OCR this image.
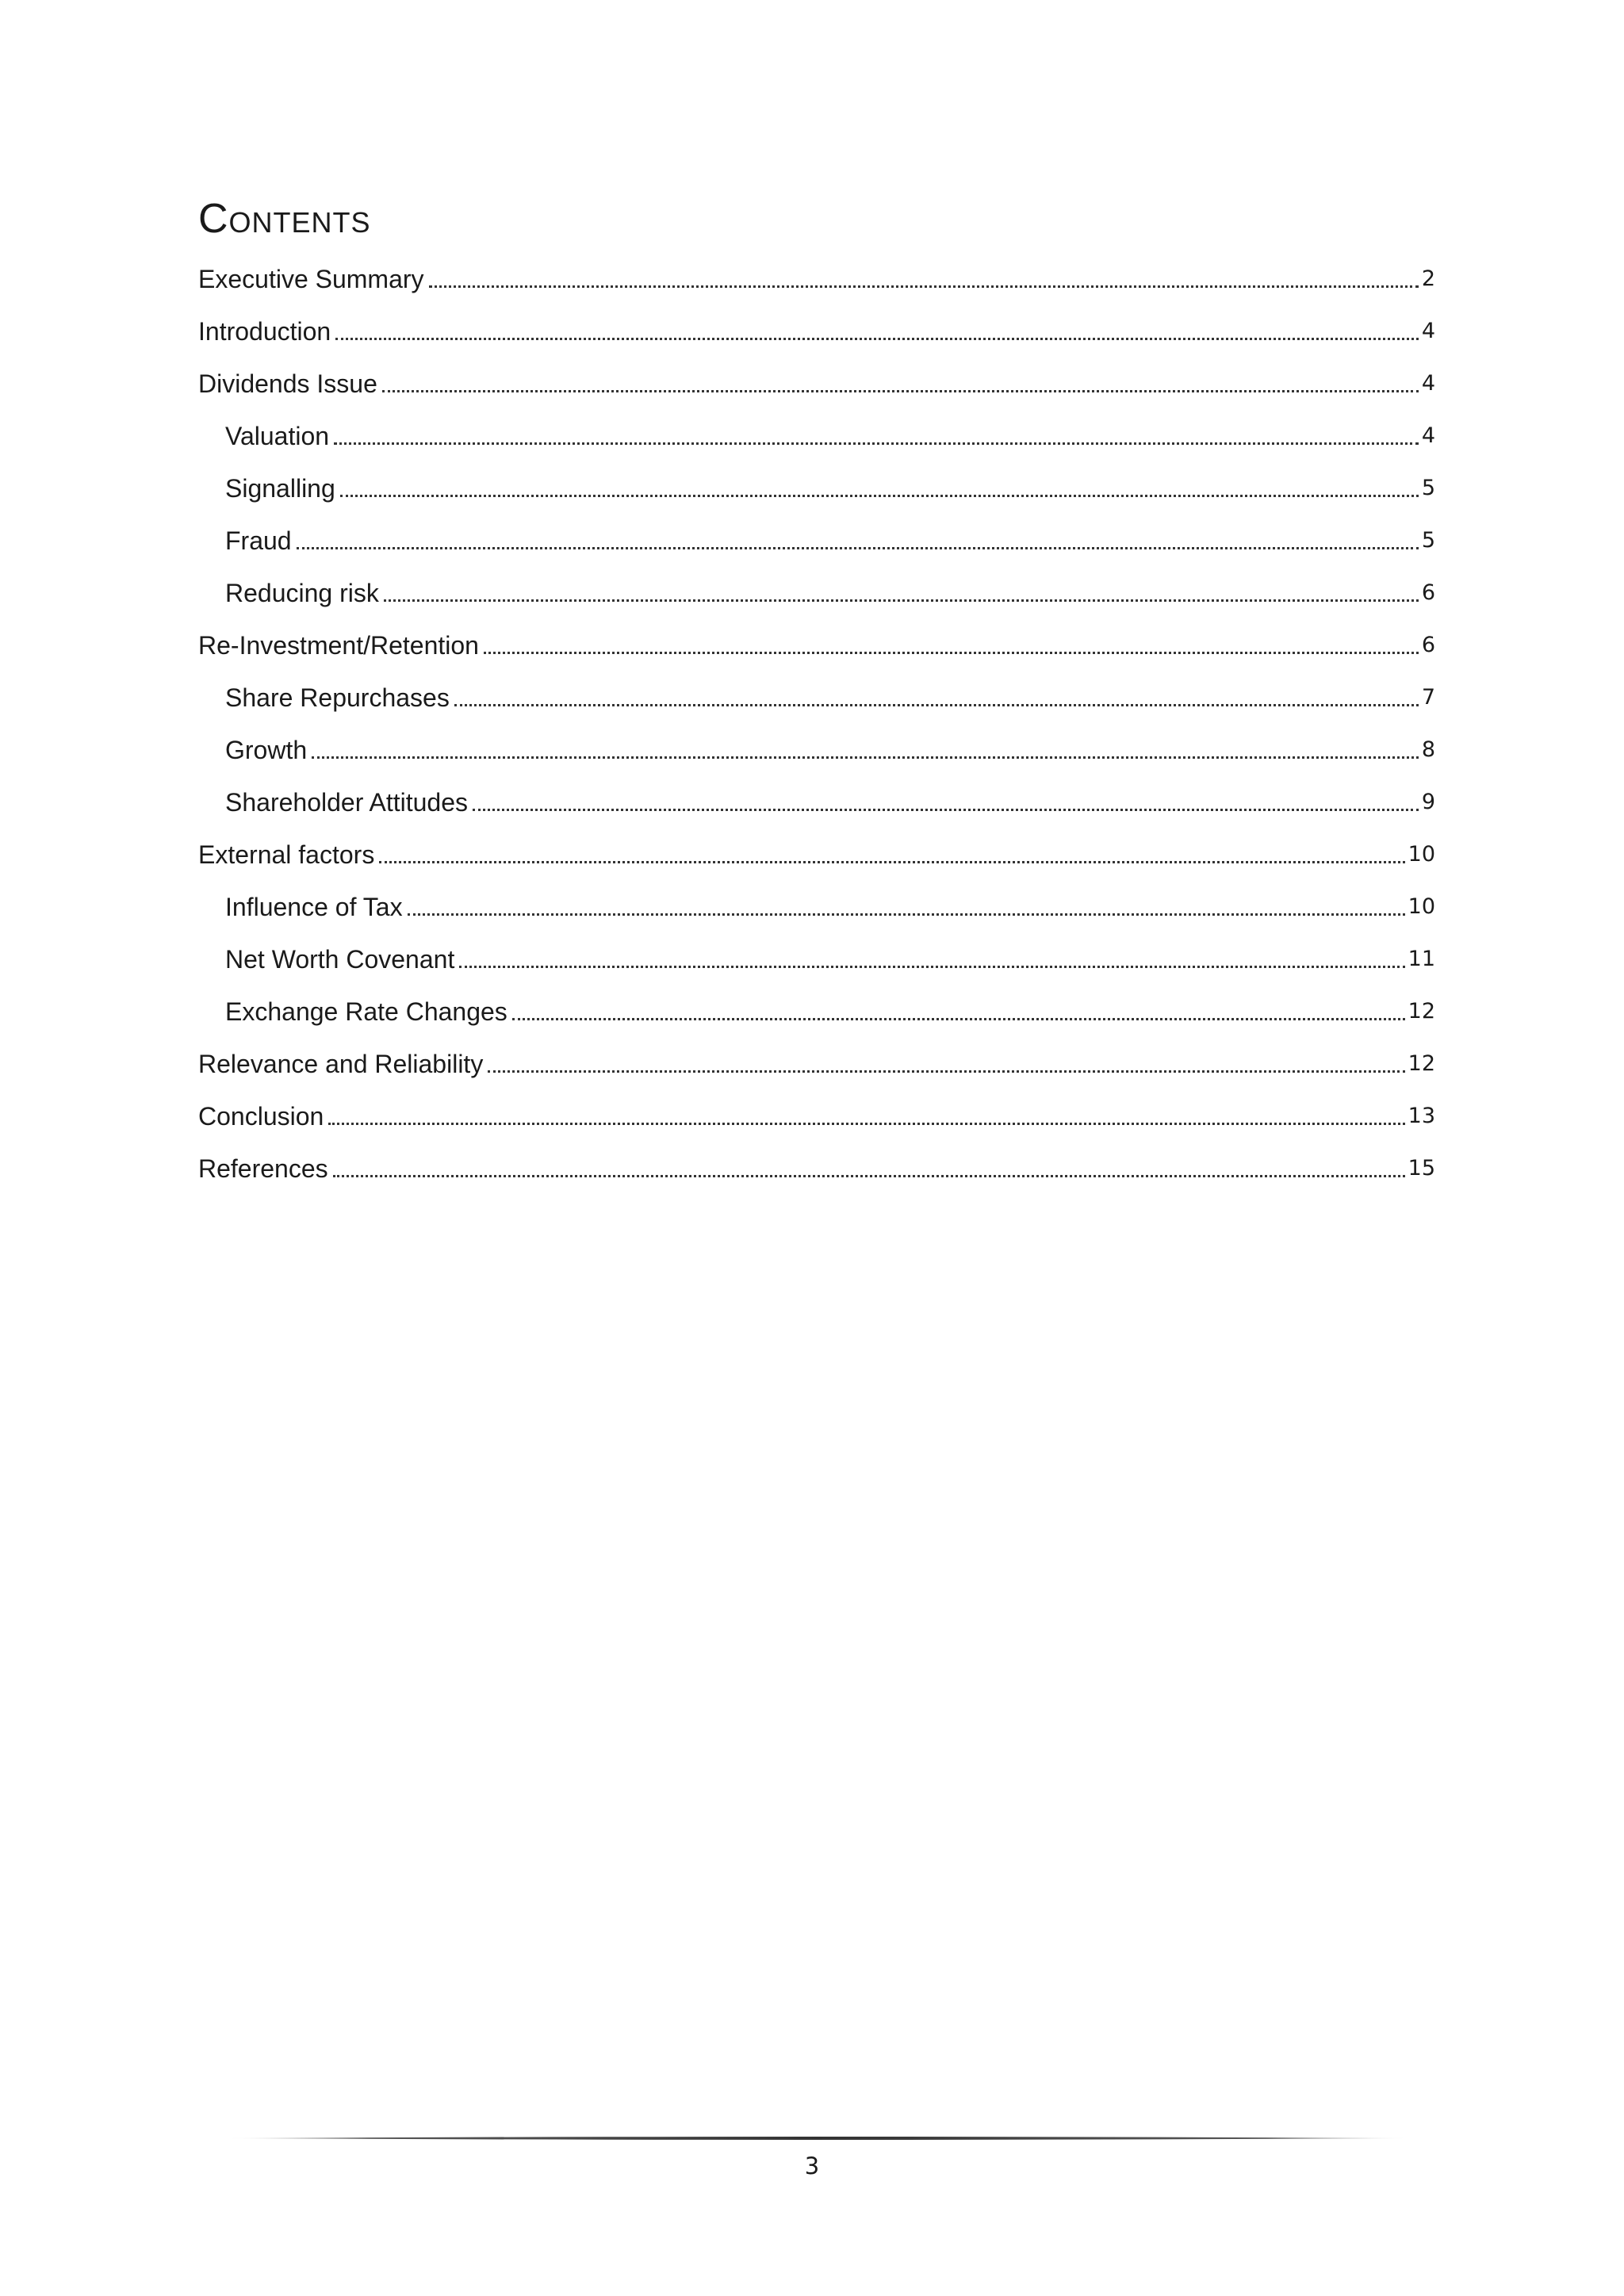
Contents
Executive Summary	2
Introduction	4
Dividends Issue	4
Valuation	4
Signalling	5
Fraud	5
Reducing risk	6
Re-Investment/Retention	6
Share Repurchases	7
Growth	8
Shareholder Attitudes	9
External factors	10
Influence of Tax	10
Net Worth Covenant	11
Exchange Rate Changes	12
Relevance and Reliability	12
Conclusion	13
References	15
3
